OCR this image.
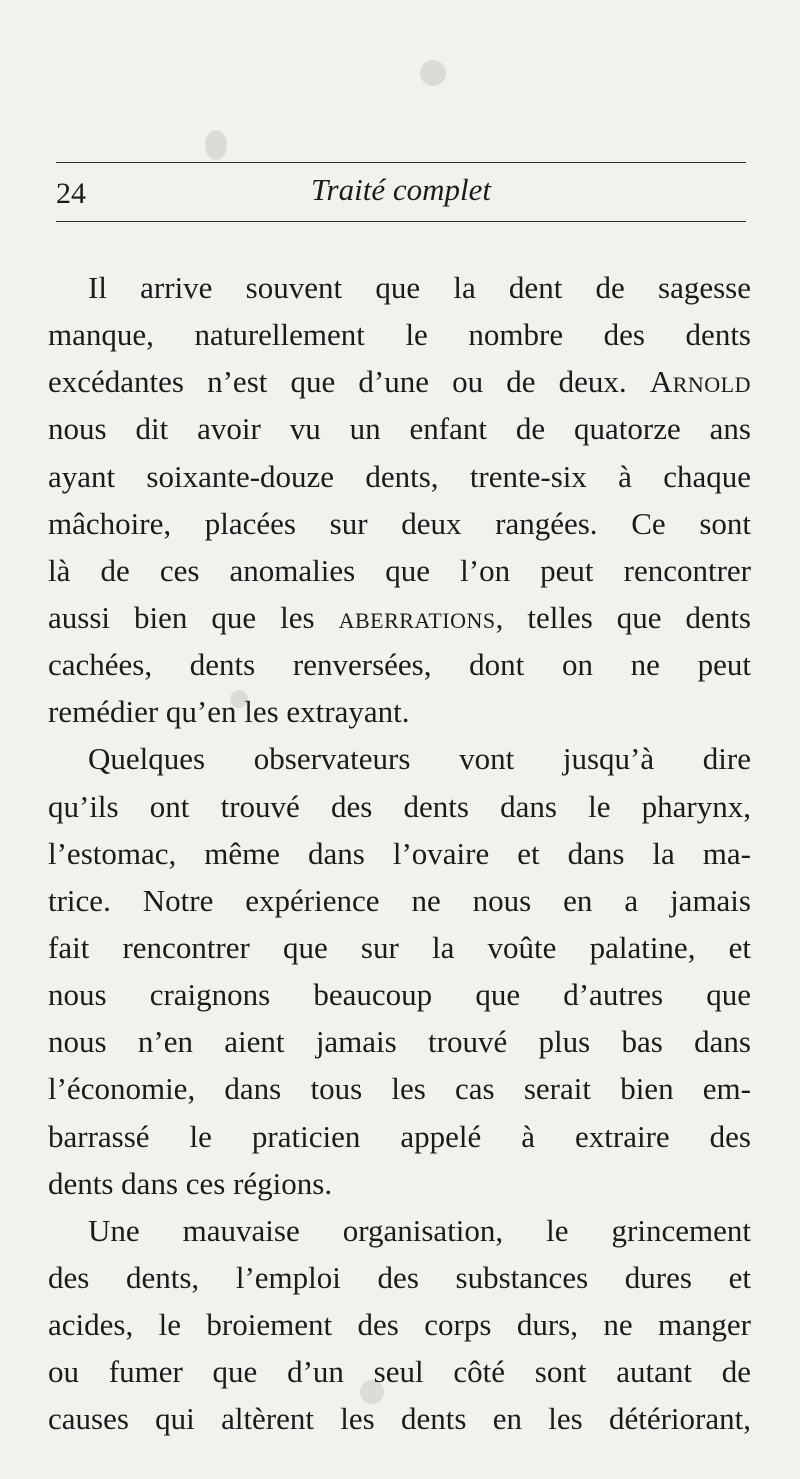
24	Traité complet
Il arrive souvent que la dent de sagesse
manque, naturellement le nombre des dents
excédantes n’est que d’une ou de deux. Arnold
nous dit avoir vu un enfant de quatorze ans
ayant soixante-douze dents, trente-six à chaque
mâchoire, placées sur deux rangées. Ce sont
là de ces anomalies que l’on peut rencontrer
aussi bien que les aberrations, telles que dents
cachées, dents renversées, dont on ne peut
remédier qu’en les extrayant.
Quelques observateurs vont jusqu’à dire
qu’ils ont trouvé des dents dans le pharynx,
l’estomac, même dans l’ovaire et dans la ma-
trice. Notre expérience ne nous en a jamais
fait rencontrer que sur la voûte palatine, et
nous craignons beaucoup que d’autres que
nous n’en aient jamais trouvé plus bas dans
l’économie, dans tous les cas serait bien em-
barrassé le praticien appelé à extraire des
dents dans ces régions.
Une mauvaise organisation, le grincement
des dents, l’emploi des substances dures et
acides, le broiement des corps durs, ne manger
ou fumer que d’un seul côté sont autant de
causes qui altèrent les dents en les détériorant,
